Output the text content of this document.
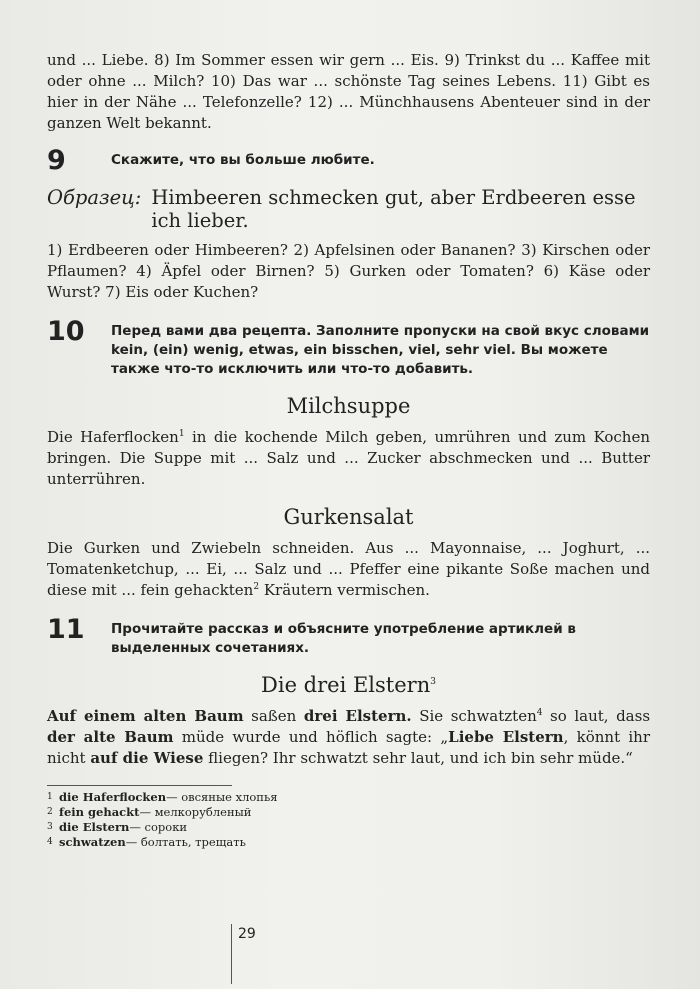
und ... Liebe. 8) Im Sommer essen wir gern ... Eis. 9) Trinkst du ... Kaffee mit oder ohne ... Milch? 10) Das war ... schönste Tag seines Lebens. 11) Gibt es hier in der Nähe ... Telefonzelle? 12) ... Münchhausens Abenteuer sind in der ganzen Welt bekannt.

9	Скажите, что вы больше любите.
Образец: Himbeeren schmecken gut, aber Erdbeeren esse ich lieber.

1) Erdbeeren oder Himbeeren? 2) Apfelsinen oder Bananen? 3) Kirschen oder Pflaumen? 4) Äpfel oder Birnen? 5) Gurken oder Tomaten? 6) Käse oder Wurst? 7) Eis oder Kuchen?

10	Перед вами два рецепта. Заполните пропуски на свой вкус словами kein, (ein) wenig, etwas, ein bisschen, viel, sehr viel. Вы можете также что-то исключить или что-то добавить.
Milchsuppe

Die Haferflocken$^1$ in die kochende Milch geben, umrühren und zum Kochen bringen. Die Suppe mit ... Salz und ... Zucker abschmecken und ... Butter unterrühren.

Gurkensalat

Die Gurken und Zwiebeln schneiden. Aus ... Mayonnaise, ... Joghurt, ... Tomatenketchup, ... Ei, ... Salz und ... Pfeffer eine pikante Soße machen und diese mit ... fein gehackten$^2$ Kräutern vermischen.

11	Прочитайте рассказ и объясните употребление артиклей в выделенных сочетаниях.
Die drei Elstern$^3$

Auf einem alten Baum saßen drei Elstern. Sie schwatzten$^4$ so laut, dass der alte Baum müde wurde und höflich sagte: „Liebe Elstern, könnt ihr nicht auf die Wiese fliegen? Ihr schwatzt sehr laut, und ich bin sehr müde.“

1 die Haferflocken — овсяные хлопья
2 fein gehackt — мелкорубленый
3 die Elstern — сороки
4 schwatzen — болтать, трещать
29
